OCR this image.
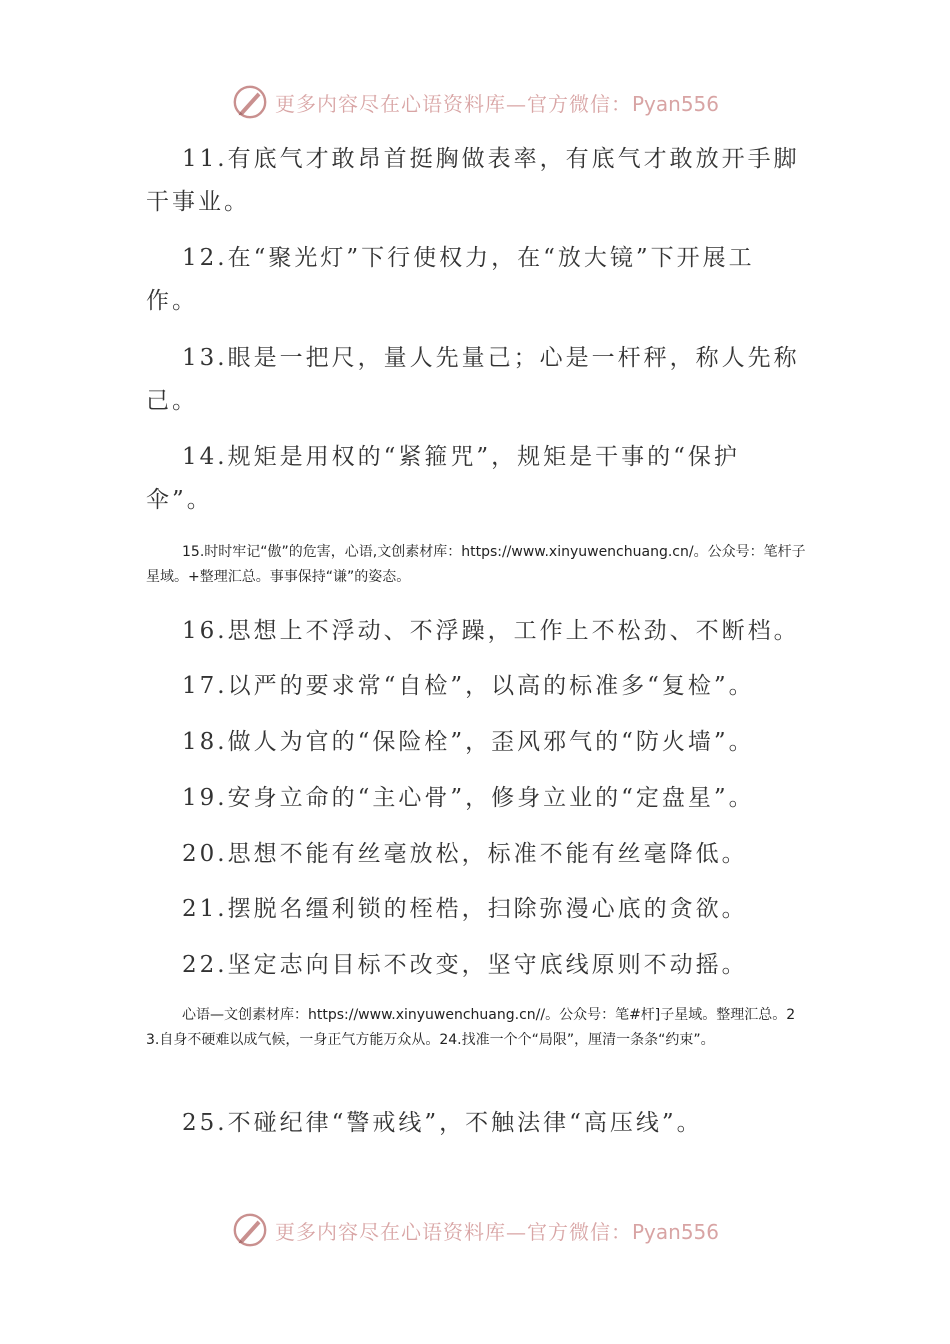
更多内容尽在心语资料库—官方微信：Pyan556
11.有底气才敢昂首挺胸做表率，有底气才敢放开手脚干事业。
12.在“聚光灯”下行使权力，在“放大镜”下开展工作。
13.眼是一把尺，量人先量己；心是一杆秤，称人先称己。
14.规矩是用权的“紧箍咒”，规矩是干事的“保护伞”。
15.时时牢记“傲”的危害，心语,文创素材库：https://www.xinyuwenchuang.cn/。公众号：笔杆子星域。+整理汇总。事事保持“谦”的姿态。
16.思想上不浮动、不浮躁，工作上不松劲、不断档。
17.以严的要求常“自检”，以高的标准多“复检”。
18.做人为官的“保险栓”，歪风邪气的“防火墙”。
19.安身立命的“主心骨”，修身立业的“定盘星”。
20.思想不能有丝毫放松，标准不能有丝毫降低。
21.摆脱名缰利锁的桎梏，扫除弥漫心底的贪欲。
22.坚定志向目标不改变，坚守底线原则不动摇。
心语—文创素材库：https://www.xinyuwenchuang.cn//。公众号：笔#杆]子星域。整理汇总。23.自身不硬难以成气候，一身正气方能万众从。24.找准一个个“局限”，厘清一条条“约束”。
25.不碰纪律“警戒线”，不触法律“高压线”。
更多内容尽在心语资料库—官方微信：Pyan556
